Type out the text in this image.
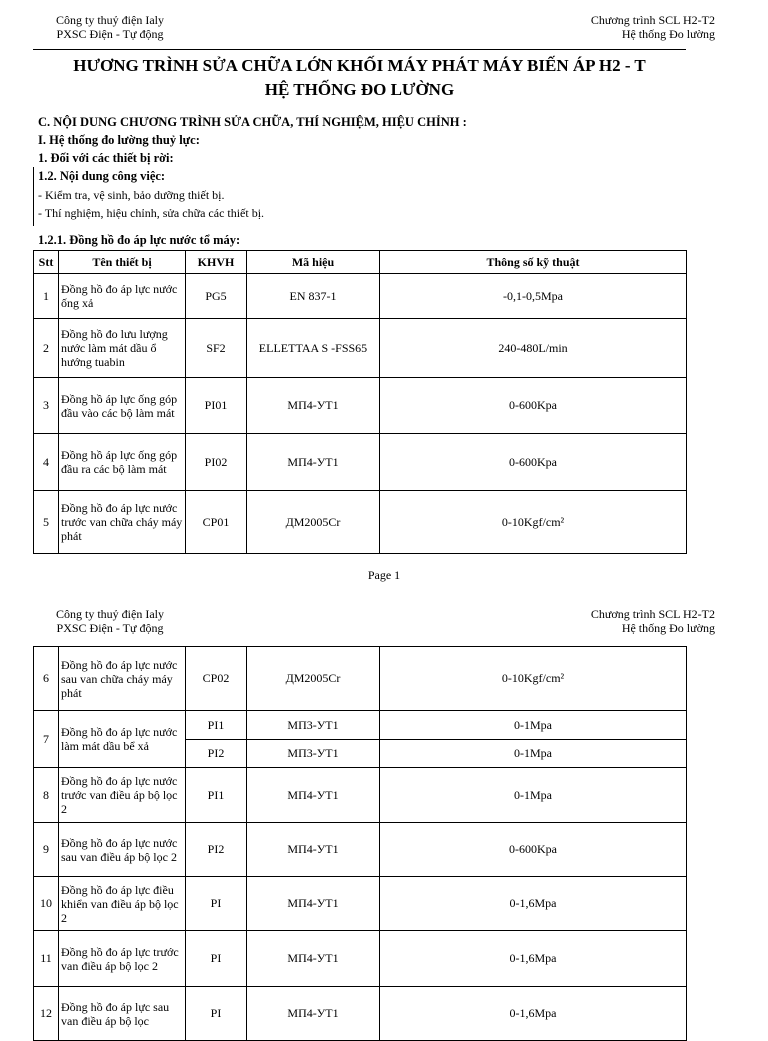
Công ty thuỷ điện Ialy
PXSC Điện - Tự động
Chương trình SCL H2-T2
Hệ thống Đo lường
HƯƠNG TRÌNH SỬA CHỮA LỚN KHỐI MÁY PHÁT MÁY BIẾN ÁP H2 - T
HỆ THỐNG ĐO LƯỜNG
C. NỘI DUNG CHƯƠNG TRÌNH SỬA CHỮA, THÍ NGHIỆM, HIỆU CHỈNH :
I. Hệ thống đo lường thuỷ lực:
1. Đối với các thiết bị rời:
1.2. Nội dung công việc:
- Kiểm tra, vệ sinh, bảo dưỡng thiết bị.
- Thí nghiệm, hiệu chỉnh, sửa chữa các thiết bị.
1.2.1. Đồng hồ đo áp lực nước tổ máy:
Stt	Tên thiết bị	KHVH	Mã hiệu	Thông số kỹ thuật
1	Đồng hồ đo áp lực nước ống xả	PG5	EN 837-1	-0,1-0,5Mpa
2	Đồng hồ đo lưu lượng nước làm mát dầu ổ hướng tuabin	SF2	ELLETTAA S -FSS65	240-480L/min
3	Đồng hồ áp lực ống góp đầu vào các bộ làm mát	PI01	МП4-УТ1	0-600Kpa
4	Đồng hồ áp lực ống góp đầu ra các bộ làm mát	PI02	МП4-УТ1	0-600Kpa
5	Đồng hồ đo áp lực nước trước van chữa cháy máy phát	CP01	ДМ2005Сr	0-10Kgf/cm²
Page 1
Công ty thuỷ điện Ialy
PXSC Điện - Tự động
Chương trình SCL H2-T2
Hệ thống Đo lường
6	Đồng hồ đo áp lực nước sau van chữa cháy máy phát	CP02	ДМ2005Сr	0-10Kgf/cm²
7	Đồng hồ đo áp lực nước làm mát dầu bể xả	PI1	МП3-УТ1	0-1Mpa
		PI2	МП3-УТ1	0-1Mpa
8	Đồng hồ đo áp lực nước trước van điều áp bộ lọc 2	PI1	МП4-УТ1	0-1Mpa
9	Đồng hồ đo áp lực nước sau van điều áp bộ lọc 2	PI2	МП4-УТ1	0-600Kpa
10	Đồng hồ đo áp lực điều khiển van điều áp bộ lọc 2	PI	МП4-УТ1	0-1,6Mpa
11	Đồng hồ đo áp lực trước van điều áp bộ lọc 2	PI	МП4-УТ1	0-1,6Mpa
12	Đồng hồ đo áp lực sau van điều áp bộ lọc	PI	МП4-УТ1	0-1,6Mpa
